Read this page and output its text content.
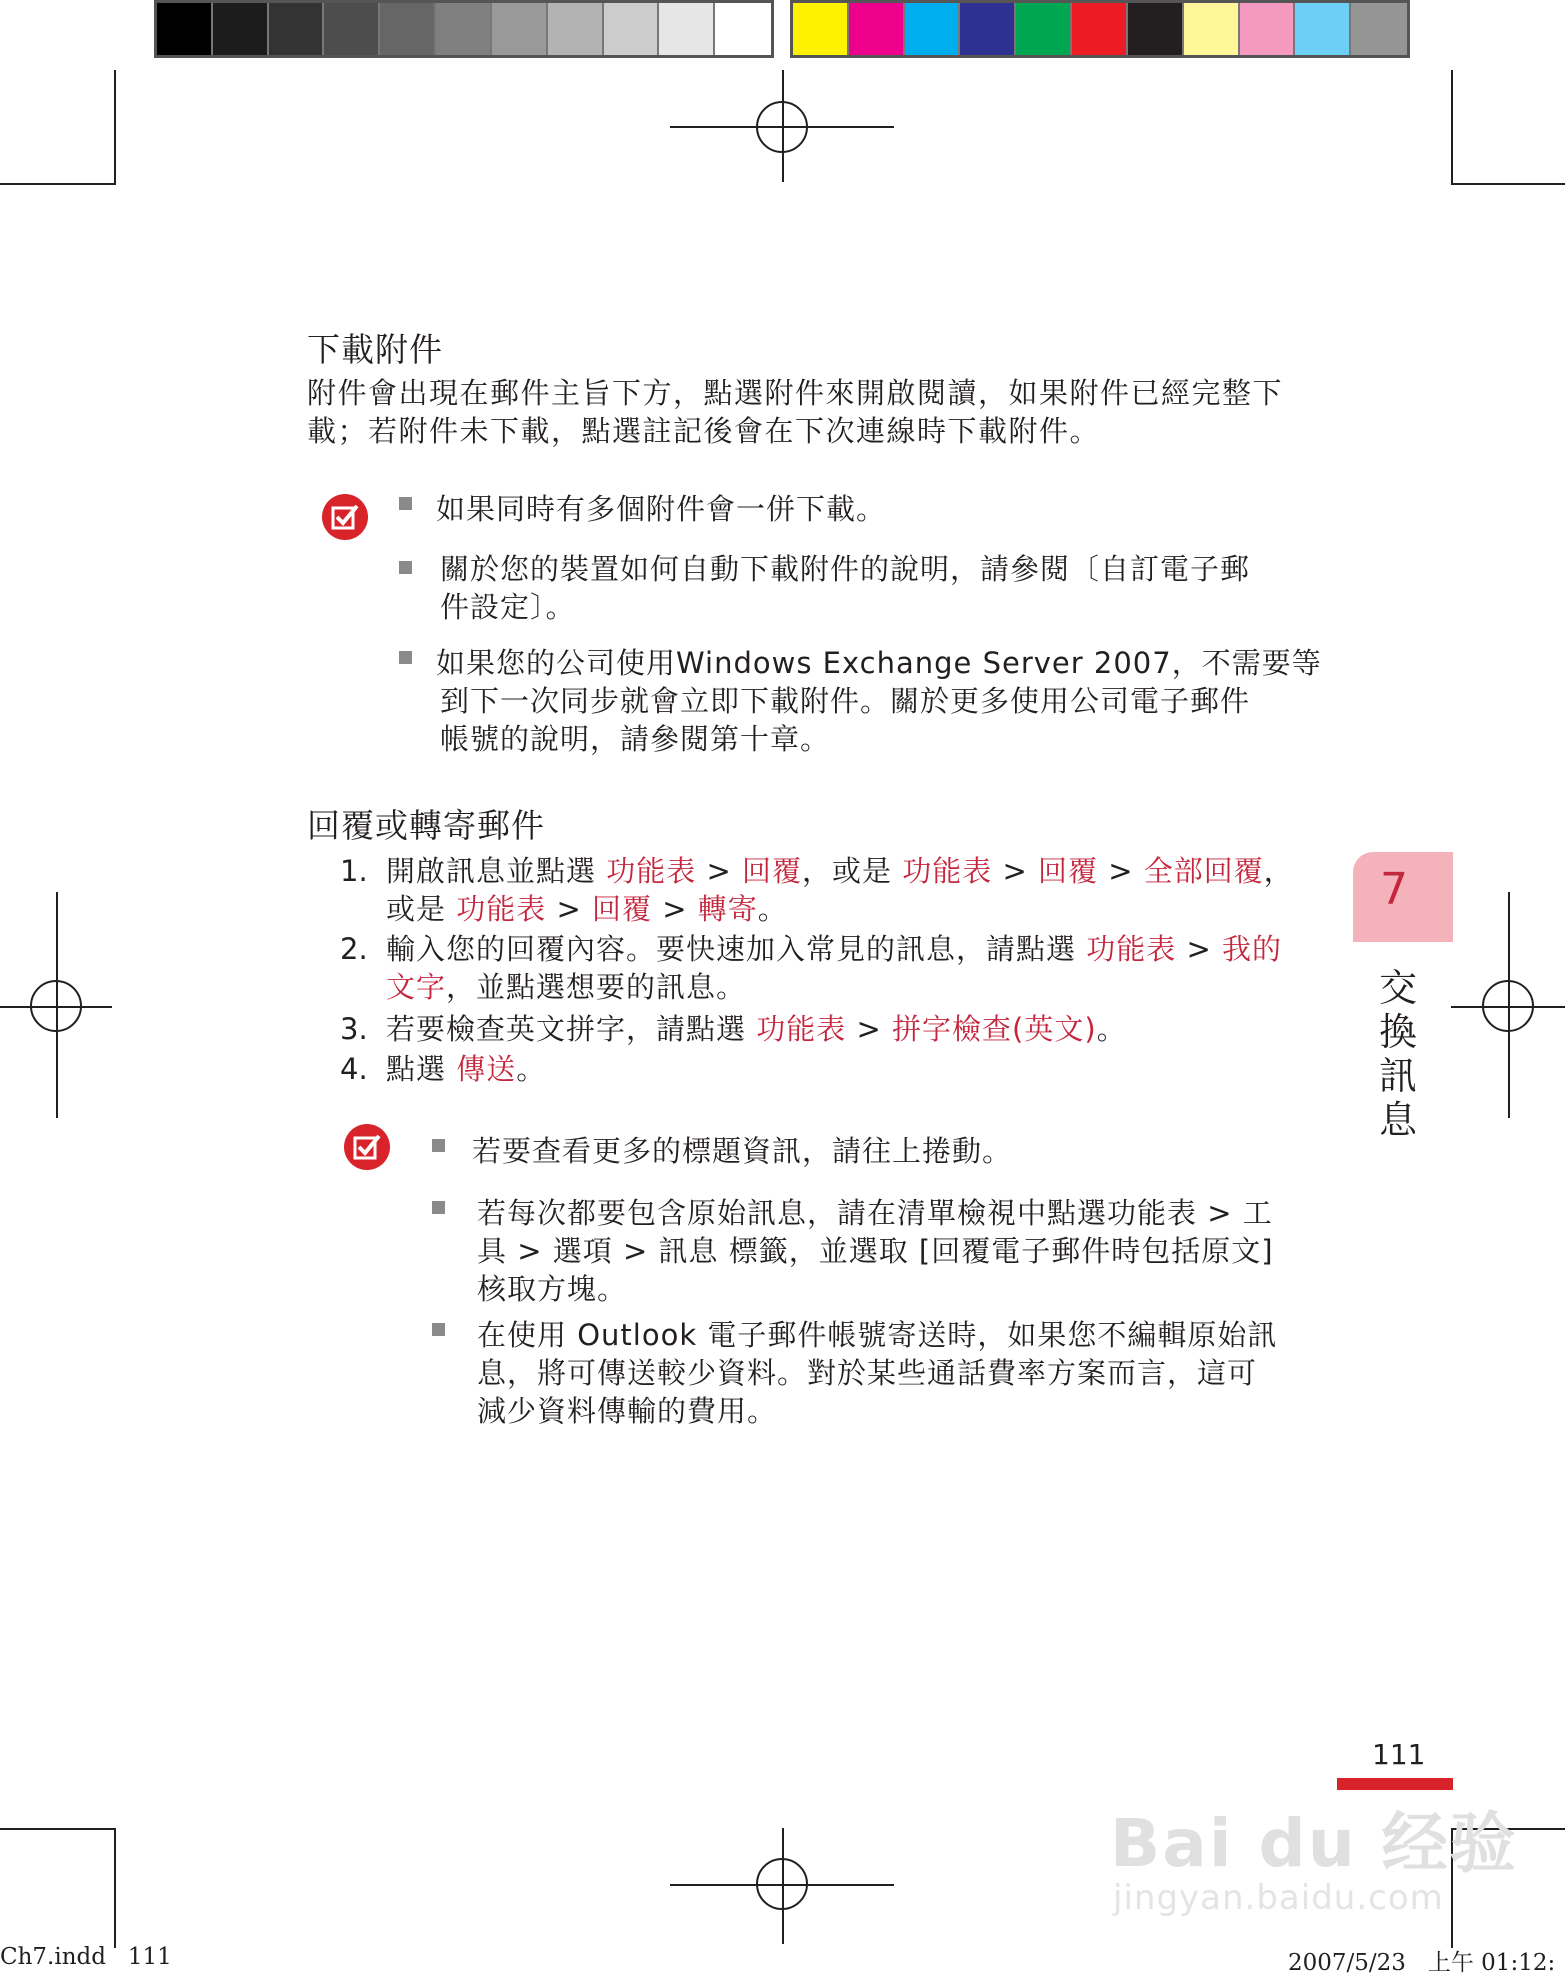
下載附件
附件會出現在郵件主旨下方，點選附件來開啟閱讀，如果附件已經完整下
載；若附件未下載，點選註記後會在下次連線時下載附件。
如果同時有多個附件會一併下載。
關於您的裝置如何自動下載附件的說明，請參閱〔自訂電子郵
件設定〕。
如果您的公司使用Windows Exchange Server 2007，不需要等
到下一次同步就會立即下載附件。關於更多使用公司電子郵件
帳號的說明，請參閱第十章。
回覆或轉寄郵件
1. 開啟訊息並點選 功能表 > 回覆，或是 功能表 > 回覆 > 全部回覆，
或是 功能表 > 回覆 > 轉寄。
2. 輸入您的回覆內容。要快速加入常見的訊息，請點選 功能表 > 我的
文字，並點選想要的訊息。
3. 若要檢查英文拼字，請點選 功能表 > 拼字檢查(英文)。
4. 點選 傳送。
若要查看更多的標題資訊，請往上捲動。
若每次都要包含原始訊息，請在清單檢視中點選功能表 > 工
具 > 選項 > 訊息 標籤，並選取 [回覆電子郵件時包括原文]
核取方塊。
在使用 Outlook 電子郵件帳號寄送時，如果您不編輯原始訊
息，將可傳送較少資料。對於某些通話費率方案而言，這可
減少資料傳輸的費用。
7
交
換
訊
息
111
Bai du 经验
jingyan.baidu.com
Ch7.indd   111	2007/5/23   上午 01:12:
